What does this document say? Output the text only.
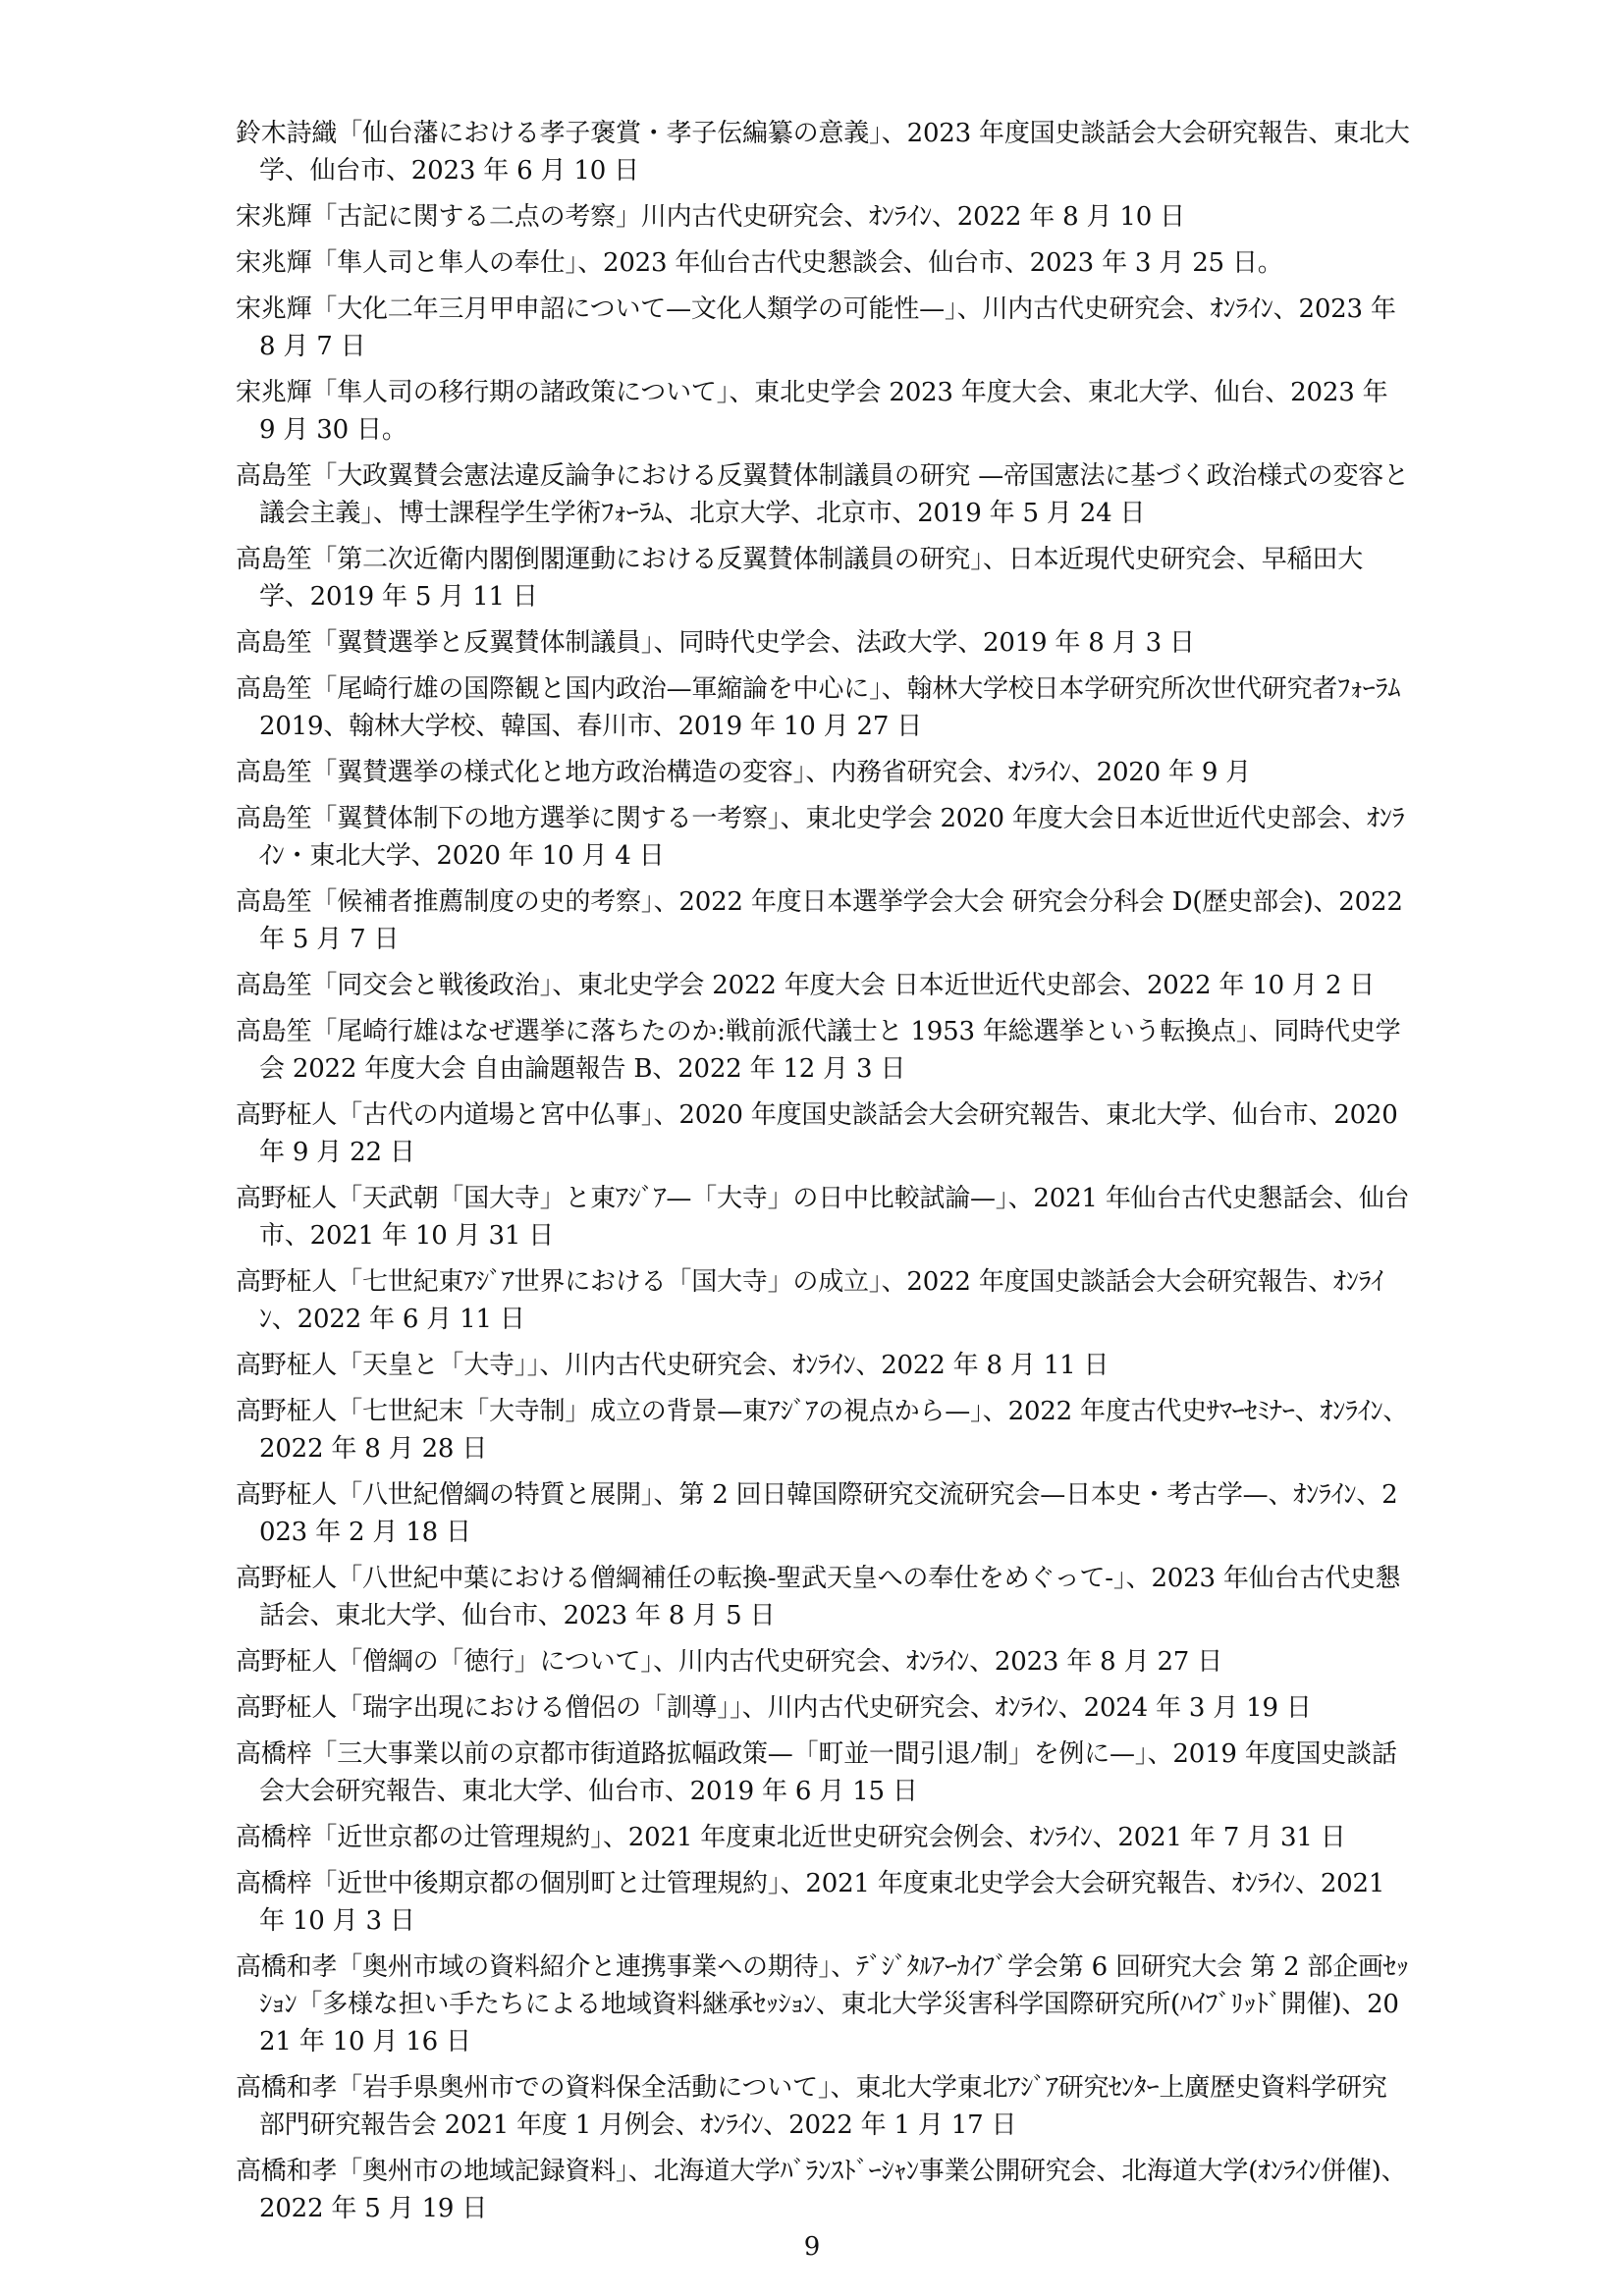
鈴木詩織「仙台藩における孝子褒賞・孝子伝編纂の意義」、2023 年度国史談話会大会研究報告、東北大学、仙台市、2023 年 6 月 10 日
宋兆輝「古記に関する二点の考察」川内古代史研究会、ｵﾝﾗｲﾝ、2022 年 8 月 10 日
宋兆輝「隼人司と隼人の奉仕」、2023 年仙台古代史懇談会、仙台市、2023 年 3 月 25 日。
宋兆輝「大化二年三月甲申詔について—文化人類学の可能性—」、川内古代史研究会、ｵﾝﾗｲﾝ、2023 年 8 月 7 日
宋兆輝「隼人司の移行期の諸政策について」、東北史学会 2023 年度大会、東北大学、仙台、2023 年 9 月 30 日。
高島笙「大政翼賛会憲法違反論争における反翼賛体制議員の研究 —帝国憲法に基づく政治様式の変容と議会主義」、博士課程学生学術ﾌｫｰﾗﾑ、北京大学、北京市、2019 年 5 月 24 日
高島笙「第二次近衛内閣倒閣運動における反翼賛体制議員の研究」、日本近現代史研究会、早稲田大学、2019 年 5 月 11 日
高島笙「翼賛選挙と反翼賛体制議員」、同時代史学会、法政大学、2019 年 8 月 3 日
高島笙「尾崎行雄の国際観と国内政治—軍縮論を中心に」、翰林大学校日本学研究所次世代研究者ﾌｫｰﾗﾑ 2019、翰林大学校、韓国、春川市、2019 年 10 月 27 日
高島笙「翼賛選挙の様式化と地方政治構造の変容」、内務省研究会、ｵﾝﾗｲﾝ、2020 年 9 月
高島笙「翼賛体制下の地方選挙に関する一考察」、東北史学会 2020 年度大会日本近世近代史部会、ｵﾝﾗｲﾝ・東北大学、2020 年 10 月 4 日
高島笙「候補者推薦制度の史的考察」、2022 年度日本選挙学会大会 研究会分科会 D(歴史部会)、2022 年 5 月 7 日
高島笙「同交会と戦後政治」、東北史学会 2022 年度大会 日本近世近代史部会、2022 年 10 月 2 日
高島笙「尾崎行雄はなぜ選挙に落ちたのか:戦前派代議士と 1953 年総選挙という転換点」、同時代史学会 2022 年度大会 自由論題報告 B、2022 年 12 月 3 日
高野柾人「古代の内道場と宮中仏事」、2020 年度国史談話会大会研究報告、東北大学、仙台市、2020 年 9 月 22 日
高野柾人「天武朝「国大寺」と東ｱｼﾞｱ—「大寺」の日中比較試論—」、2021 年仙台古代史懇話会、仙台市、2021 年 10 月 31 日
高野柾人「七世紀東ｱｼﾞｱ世界における「国大寺」の成立」、2022 年度国史談話会大会研究報告、ｵﾝﾗｲﾝ、2022 年 6 月 11 日
高野柾人「天皇と「大寺」」、川内古代史研究会、ｵﾝﾗｲﾝ、2022 年 8 月 11 日
高野柾人「七世紀末「大寺制」成立の背景—東ｱｼﾞｱの視点から—」、2022 年度古代史ｻﾏｰｾﾐﾅｰ、ｵﾝﾗｲﾝ、2022 年 8 月 28 日
高野柾人「八世紀僧綱の特質と展開」、第 2 回日韓国際研究交流研究会—日本史・考古学—、ｵﾝﾗｲﾝ、2023 年 2 月 18 日
高野柾人「八世紀中葉における僧綱補任の転換-聖武天皇への奉仕をめぐって-」、2023 年仙台古代史懇話会、東北大学、仙台市、2023 年 8 月 5 日
高野柾人「僧綱の「徳行」について」、川内古代史研究会、ｵﾝﾗｲﾝ、2023 年 8 月 27 日
高野柾人「瑞字出現における僧侶の「訓導」」、川内古代史研究会、ｵﾝﾗｲﾝ、2024 年 3 月 19 日
高橋梓「三大事業以前の京都市街道路拡幅政策—「町並一間引退ﾉ制」を例に—」、2019 年度国史談話会大会研究報告、東北大学、仙台市、2019 年 6 月 15 日
高橋梓「近世京都の辻管理規約」、2021 年度東北近世史研究会例会、ｵﾝﾗｲﾝ、2021 年 7 月 31 日
高橋梓「近世中後期京都の個別町と辻管理規約」、2021 年度東北史学会大会研究報告、ｵﾝﾗｲﾝ、2021 年 10 月 3 日
高橋和孝「奥州市域の資料紹介と連携事業への期待」、ﾃﾞｼﾞﾀﾙｱｰｶｲﾌﾞ学会第 6 回研究大会 第 2 部企画ｾｯｼｮﾝ「多様な担い手たちによる地域資料継承ｾｯｼｮﾝ、東北大学災害科学国際研究所(ﾊｲﾌﾞﾘｯﾄﾞ開催)、2021 年 10 月 16 日
高橋和孝「岩手県奥州市での資料保全活動について」、東北大学東北ｱｼﾞｱ研究ｾﾝﾀｰ上廣歴史資料学研究部門研究報告会 2021 年度 1 月例会、ｵﾝﾗｲﾝ、2022 年 1 月 17 日
高橋和孝「奥州市の地域記録資料」、北海道大学ﾊﾞﾗﾝｽﾄﾞｰｼｬﾝ事業公開研究会、北海道大学(ｵﾝﾗｲﾝ併催)、2022 年 5 月 19 日
9
